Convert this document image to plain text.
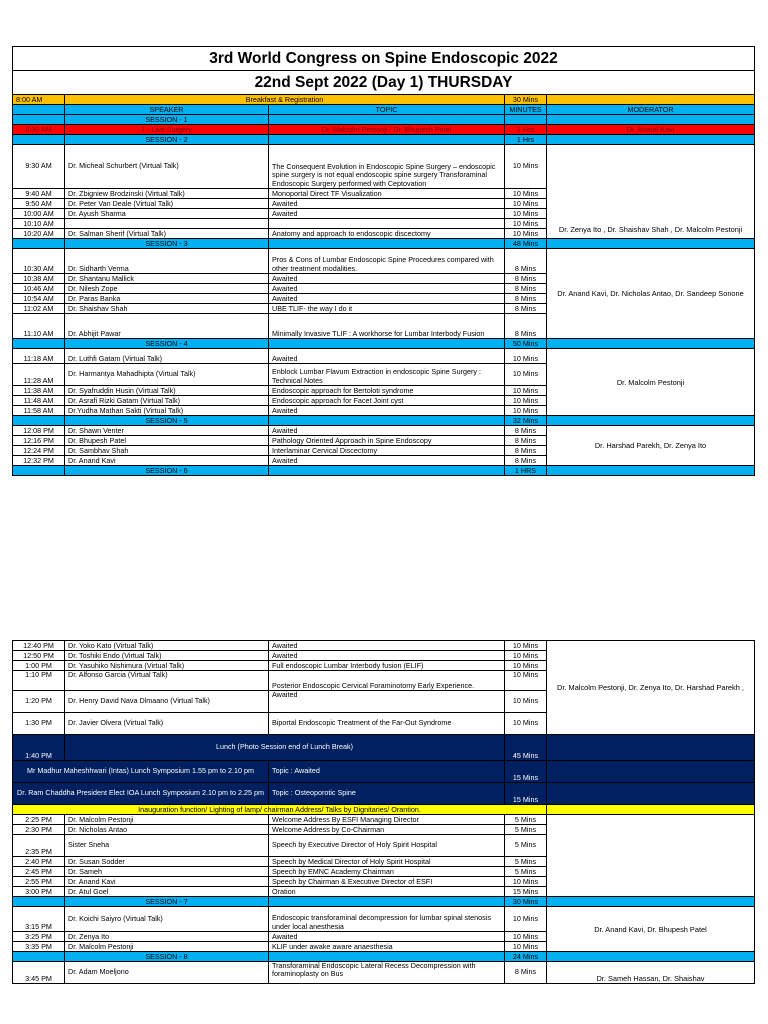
3rd World Congress on Spine Endoscopic 2022				
22nd Sept 2022 (Day 1) THURSDAY				
8:00 AM	Breakfast & Registration		30 Mins	
	SPEAKER	TOPIC	MINUTES	MODERATOR
	SESSION - 1			
8:30 AM	1 - Live Surgery	Dr. Malcolm Pestonji / Dr. Bhupesh Patel	1 Hrs	Dr. Anand Kavi
	SESSION - 2		1 Hrs	
9:30 AM	Dr. Micheal Schurbert (Virtual Talk)	The Consequent Evolution in Endoscopic Spine Surgery – endoscopic spine surgery is not equal endoscopic spine surgery Transforaminal Endoscopic Surgery performed with Ceptovation	10 Mins	Dr. Zenya Ito , Dr. Shaishav Shah , Dr. Malcolm Pestonji
9:40 AM	Dr. Zbigniew Brodzinski (Virtual Talk)	Monoportal Direct TF Visualization	10 Mins	
9:50 AM	Dr. Peter Van Deale (Virtual Talk)	Awaited	10 Mins	
10:00 AM	Dr. Ayush Sharma	Awaited	10 Mins	
10:10 AM			10 Mins	
10:20 AM	Dr. Salman Sherif (Virtual Talk)	Anatomy and approach to endoscopic discectomy	10 Mins	
	SESSION - 3		48 Mins	
10:30 AM	Dr. Sidharth Verma	Pros & Cons of Lumbar Endoscopic Spine Procedures compared with other treatment modalities.	8 Mins	Dr. Anand Kavi, Dr. Nicholas Antao, Dr. Sandeep Sonone
10:38 AM	Dr. Shantanu Mallick	Awaited	8 Mins	
10:46 AM	Dr. Nilesh Zope	Awaited	8 Mins	
10:54 AM	Dr. Paras Banka	Awaited	8 Mins	
11:02 AM	Dr. Shaishav Shah	UBE TLIF- the way I do it	8 Mins	
11:10 AM	Dr. Abhijit Pawar	Minimally Invasive TLIF : A workhorse for Lumbar Interbody Fusion	8 Mins	
	SESSION - 4		50 Mins	
11:18 AM	Dr. Luthfi Gatam (Virtual Talk)	Awaited	10 Mins	Dr. Malcolm Pestonji
11:28 AM	Dr. Harmantya Mahadhipta (Virtual Talk)	Enblock Lumbar Flavum Extraction in endoscopic Spine Surgery : Technical Notes	10 Mins	
11:38 AM	Dr. Syafruddin Husin (Virtual Talk)	Endoscopic approach for Bertoloti syndrome	10 Mins	
11:48 AM	Dr. Asrafi Rizki Gatam (Virtual Talk)	Endoscopic approach for Facet Joint cyst	10 Mins	
11:58 AM	Dr.Yudha Mathan Sakti (Virtual Talk)	Awaited	10 Mins	
	SESSION - 5		32 Mins	
12:08 PM	Dr. Shawn Venter	Awaited	8 Mins	Dr. Harshad Parekh, Dr. Zenya Ito
12:16 PM	Dr. Bhupesh Patel	Pathology Oriented Approach in Spine Endoscopy	8 Mins	
12:24 PM	Dr. Sambhav Shah	Interlaminar Cervical Discectomy	8 Mins	
12:32 PM	Dr. Anand Kavi	Awaited	8 Mins	
	SESSION - 6		1 HRS	
12:40 PM	Dr. Yoko Kato (Virtual Talk)	Awaited	10 Mins	Dr. Malcolm Pestonji, Dr. Zenya Ito, Dr. Harshad Parekh ,
12:50 PM	Dr. Toshiki Endo (Virtual Talk)	Awaited	10 Mins	
1:00 PM	Dr. Yasuhiko Nishimura (Virtual Talk)	Full endoscopic Lumbar Interbody fusion (ELIF)	10 Mins	
1:10 PM	Dr. Alfonso Garcia (Virtual Talk)	Posterior Endoscopic Cervical Foraminotomy Early Experience.	10 Mins	
1:20 PM	Dr. Henry David Nava Dlmaano (Virtual Talk)	Awaited	10 Mins	
1:30 PM	Dr. Javier Olvera (Virtual Talk)	Biportal Endoscopic Treatment of the Far-Out Syndrome	10 Mins	
1:40 PM	Lunch (Photo Session end of Lunch Break)		45 Mins	
Mr Madhur Maheshhwari (Intas) Lunch Symposium 1.55 pm to 2.10 pm		Topic : Awaited	15 Mins	
Dr. Ram Chaddha President Elect IOA Lunch Symposium 2.10 pm to 2.25 pm		Topic : Osteoporotic Spine	15 Mins	
Inauguration function/ Lighting of lamp/ chairman Address/ Talks by Dignitaries/ Orantion.				
2:25 PM	Dr. Malcolm Pestonji	Welcome Address By ESFI Managing Director	5 Mins	
2:30 PM	Dr. Nicholas Antao	Welcome Address by Co-Chairman	5 Mins	
2:35 PM	Sister Sneha	Speech by Executive Director of Holy Spirit Hospital	5 Mins	
2:40 PM	Dr. Susan Sodder	Speech by Medical Director of Holy Spirit Hospital	5 Mins	
2:45 PM	Dr. Sameh	Speech by EMNC Academy Chairman	5 Mins	
2:55 PM	Dr. Anand Kavi	Speech by Chairman & Executive Director of ESFI	10 Mins	
3:00 PM	Dr. Atul Goel	Oration	15 Mins	
	SESSION - 7		30 Mins	
3:15 PM	Dr. Koichi Saiyro (Virtual Talk)	Endoscopic transforaminal decompression for lumbar spinal stenosis under local anesthesia	10 Mins	Dr. Anand Kavi, Dr. Bhupesh Patel
3:25 PM	Dr. Zenya Ito	Awaited	10 Mins	
3:35 PM	Dr. Malcolm Pestonji	KLIF under awake aware anaesthesia	10 Mins	
	SESSION - 8		24 Mins	
3:45 PM	Dr. Adam Moeljono	Transforaminal Endoscopic Lateral Recess Decompression with foraminoplasty on Bus	8 Mins	Dr. Sameh Hassan, Dr. Shaishav
